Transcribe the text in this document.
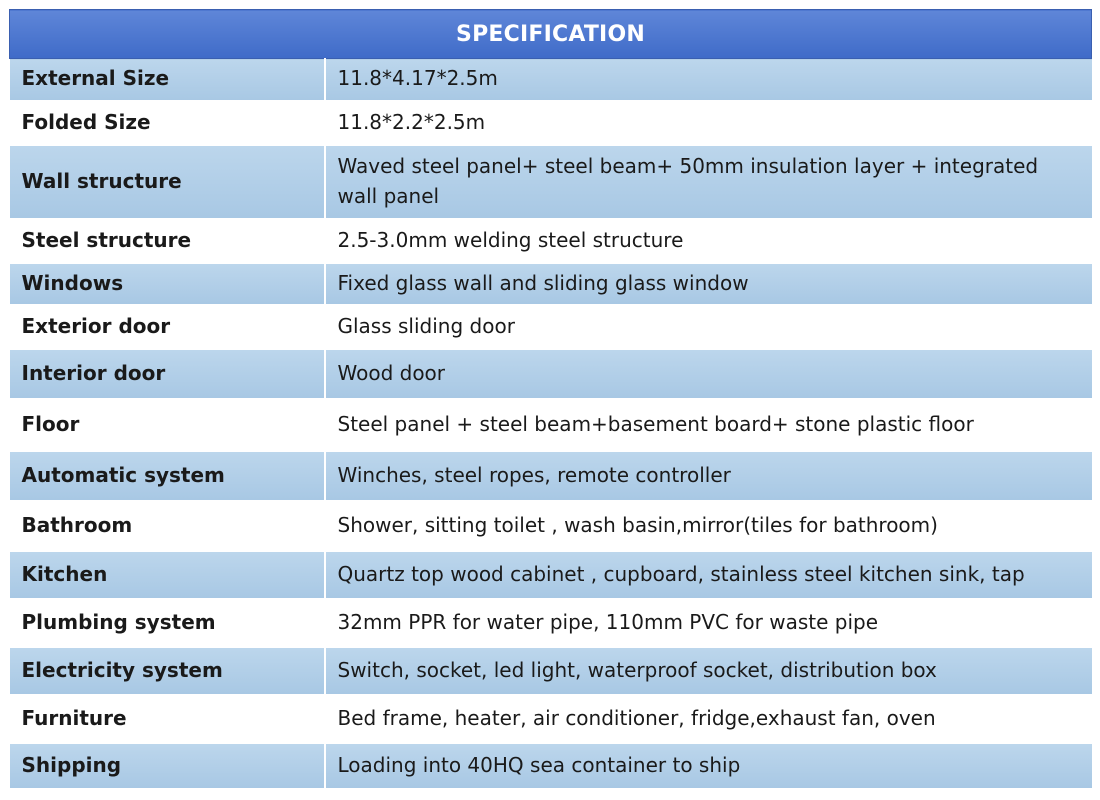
SPECIFICATION	
External Size	11.8*4.17*2.5m
Folded Size	11.8*2.2*2.5m
Wall structure	Waved steel panel+ steel beam+ 50mm insulation layer + integrated wall panel
Steel structure	2.5-3.0mm welding steel structure
Windows	Fixed glass wall and sliding glass window
Exterior door	Glass sliding door
Interior door	Wood door
Floor	Steel panel + steel beam+basement board+ stone plastic floor
Automatic system	Winches, steel ropes, remote controller
Bathroom	Shower, sitting toilet , wash basin,mirror(tiles for bathroom)
Kitchen	Quartz top wood cabinet , cupboard, stainless steel kitchen sink, tap
Plumbing system	32mm PPR for water pipe, 110mm PVC for waste pipe
Electricity system	Switch, socket, led light, waterproof socket, distribution box
Furniture	Bed frame, heater, air conditioner, fridge,exhaust fan, oven
Shipping	Loading into 40HQ sea container to ship
